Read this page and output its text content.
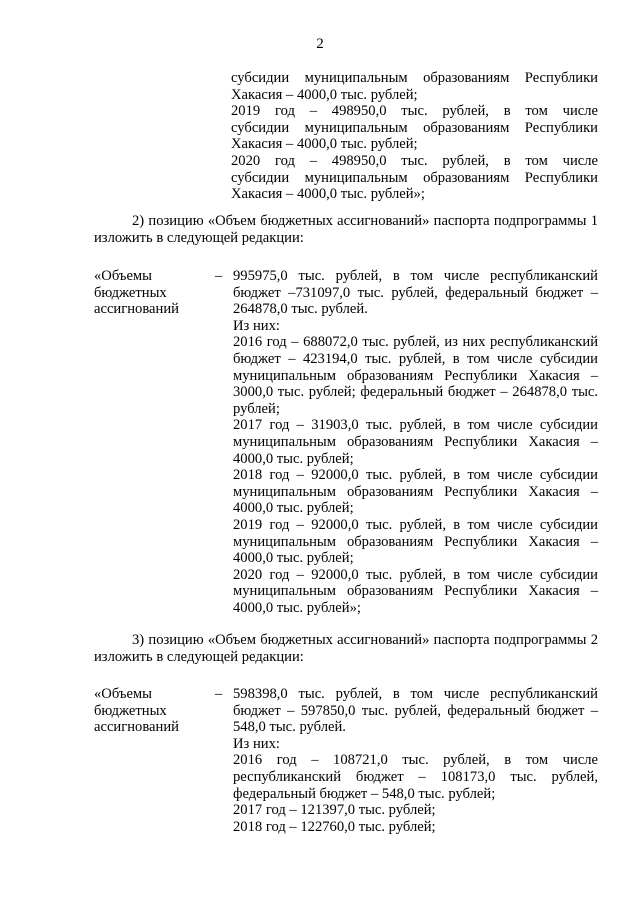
2

субсидии муниципальным образованиям Республики

Хакасия – 4000,0 тыс. рублей;

2019 год – 498950,0 тыс. рублей, в том числе

субсидии муниципальным образованиям Республики

Хакасия – 4000,0 тыс. рублей;

2020 год – 498950,0 тыс. рублей, в том числе

субсидии муниципальным образованиям Республики

Хакасия – 4000,0 тыс. рублей»;

2) позицию «Объем бюджетных ассигнований» паспорта подпрограммы 1 изложить в следующей редакции:

«Объемы

бюджетных

ассигнований

– 995975,0 тыс. рублей, в том числе республиканский

бюджет –731097,0 тыс. рублей, федеральный бюджет –

264878,0 тыс. рублей.

Из них:

2016 год – 688072,0 тыс. рублей, из них республиканский

бюджет – 423194,0 тыс. рублей, в том числе субсидии

муниципальным образованиям Республики Хакасия –

3000,0 тыс. рублей; федеральный бюджет – 264878,0 тыс.

рублей;

2017 год – 31903,0 тыс. рублей, в том числе субсидии

муниципальным образованиям Республики Хакасия –

4000,0 тыс. рублей;

2018 год – 92000,0 тыс. рублей, в том числе субсидии

муниципальным образованиям Республики Хакасия –

4000,0 тыс. рублей;

2019 год – 92000,0 тыс. рублей, в том числе субсидии

муниципальным образованиям Республики Хакасия –

4000,0 тыс. рублей;

2020 год – 92000,0 тыс. рублей, в том числе субсидии

муниципальным образованиям Республики Хакасия –

4000,0 тыс. рублей»;

3) позицию «Объем бюджетных ассигнований» паспорта подпрограммы 2 изложить в следующей редакции:

«Объемы

бюджетных

ассигнований

– 598398,0 тыс. рублей, в том числе республиканский

бюджет – 597850,0 тыс. рублей, федеральный бюджет –

548,0 тыс. рублей.

Из них:

2016 год – 108721,0 тыс. рублей, в том числе

республиканский бюджет – 108173,0 тыс. рублей,

федеральный бюджет – 548,0 тыс. рублей;

2017 год – 121397,0 тыс. рублей;

2018 год – 122760,0 тыс. рублей;
